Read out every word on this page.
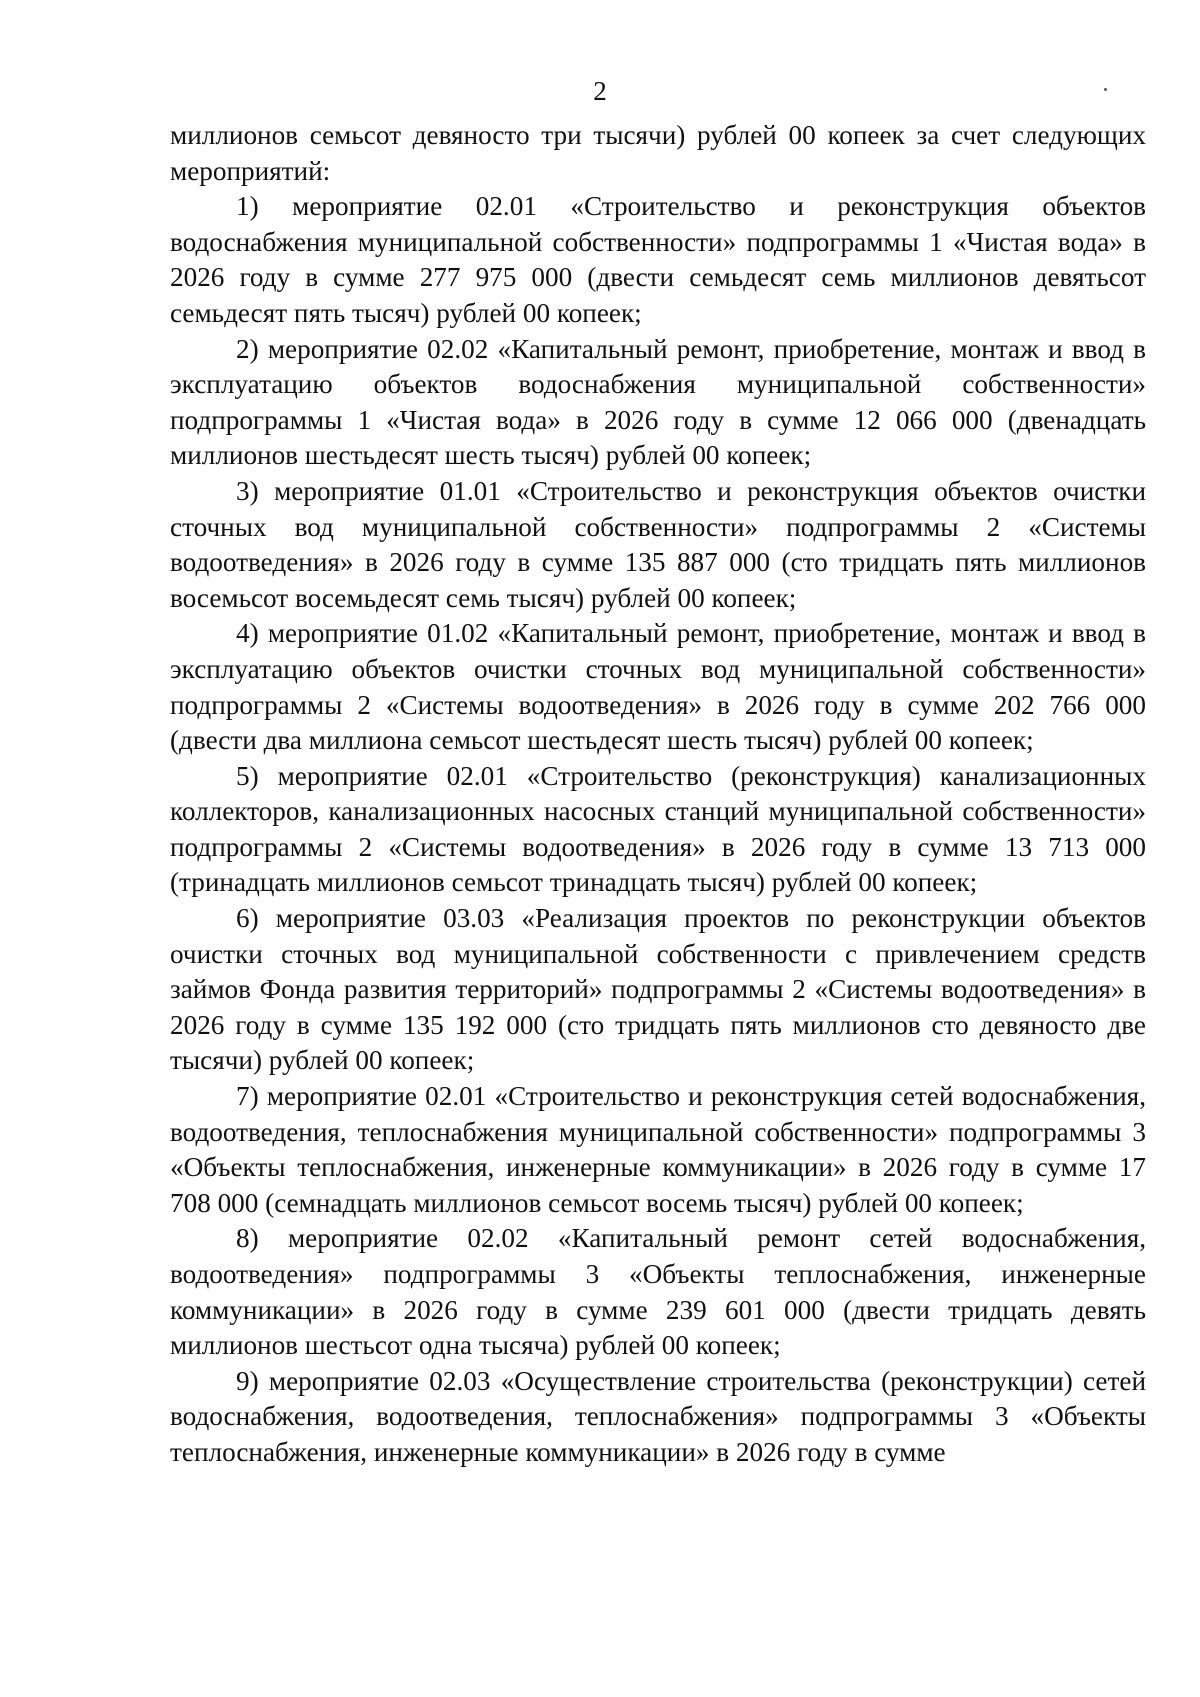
2

миллионов семьсот девяносто три тысячи) рублей 00 копеек за счет следующих мероприятий:

1) мероприятие 02.01 «Строительство и реконструкция объектов водоснабжения муниципальной собственности» подпрограммы 1 «Чистая вода» в 2026 году в сумме 277 975 000 (двести семьдесят семь миллионов девятьсот семьдесят пять тысяч) рублей 00 копеек;

2) мероприятие 02.02 «Капитальный ремонт, приобретение, монтаж и ввод в эксплуатацию объектов водоснабжения муниципальной собственности» подпрограммы 1 «Чистая вода» в 2026 году в сумме 12 066 000 (двенадцать миллионов шестьдесят шесть тысяч) рублей 00 копеек;

3) мероприятие 01.01 «Строительство и реконструкция объектов очистки сточных вод муниципальной собственности» подпрограммы 2 «Системы водоотведения» в 2026 году в сумме 135 887 000 (сто тридцать пять миллионов восемьсот восемьдесят семь тысяч) рублей 00 копеек;

4) мероприятие 01.02 «Капитальный ремонт, приобретение, монтаж и ввод в эксплуатацию объектов очистки сточных вод муниципальной собственности» подпрограммы 2 «Системы водоотведения» в 2026 году в сумме 202 766 000 (двести два миллиона семьсот шестьдесят шесть тысяч) рублей 00 копеек;

5) мероприятие 02.01 «Строительство (реконструкция) канализационных коллекторов, канализационных насосных станций муниципальной собственности» подпрограммы 2 «Системы водоотведения» в 2026 году в сумме 13 713 000 (тринадцать миллионов семьсот тринадцать тысяч) рублей 00 копеек;

6) мероприятие 03.03 «Реализация проектов по реконструкции объектов очистки сточных вод муниципальной собственности с привлечением средств займов Фонда развития территорий» подпрограммы 2 «Системы водоотведения» в 2026 году в сумме 135 192 000 (сто тридцать пять миллионов сто девяносто две тысячи) рублей 00 копеек;

7) мероприятие 02.01 «Строительство и реконструкция сетей водоснабжения, водоотведения, теплоснабжения муниципальной собственности» подпрограммы 3 «Объекты теплоснабжения, инженерные коммуникации» в 2026 году в сумме 17 708 000 (семнадцать миллионов семьсот восемь тысяч) рублей 00 копеек;

8) мероприятие 02.02 «Капитальный ремонт сетей водоснабжения, водоотведения» подпрограммы 3 «Объекты теплоснабжения, инженерные коммуникации» в 2026 году в сумме 239 601 000 (двести тридцать девять миллионов шестьсот одна тысяча) рублей 00 копеек;

9) мероприятие 02.03 «Осуществление строительства (реконструкции) сетей водоснабжения, водоотведения, теплоснабжения» подпрограммы 3 «Объекты теплоснабжения, инженерные коммуникации» в 2026 году в сумме
